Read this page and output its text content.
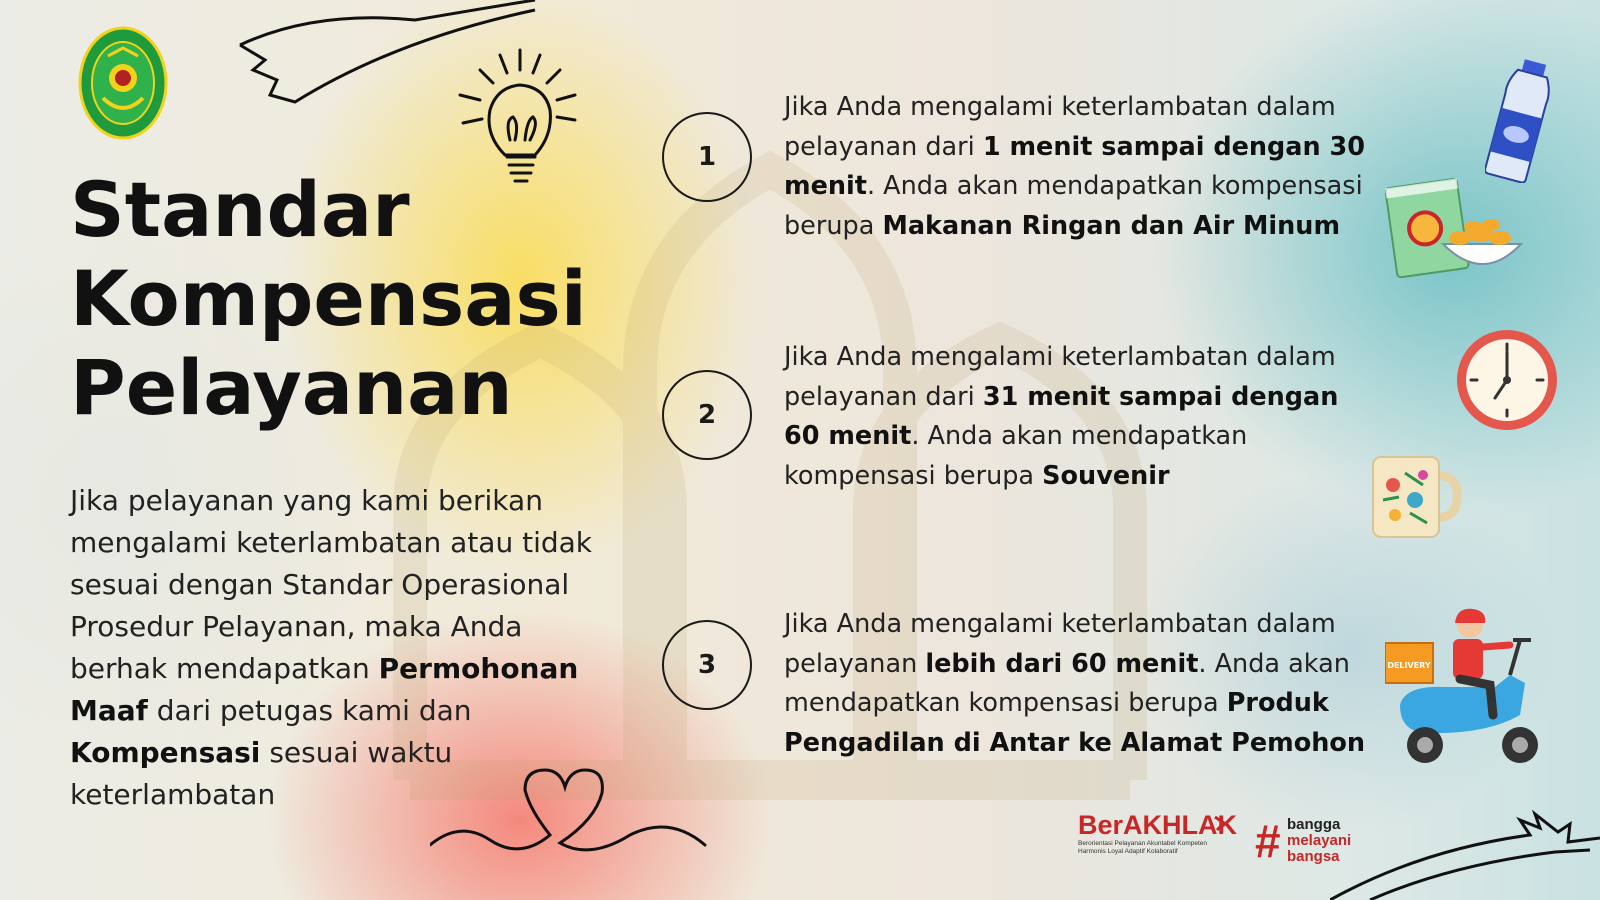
Standar
Kompensasi
Pelayanan

Jika pelayanan yang kami berikan mengalami keterlambatan atau tidak sesuai dengan Standar Operasional Prosedur Pelayanan, maka Anda berhak mendapatkan Permohonan Maaf dari petugas kami dan Kompensasi sesuai waktu keterlambatan

1
2
3

Jika Anda mengalami keterlambatan dalam pelayanan dari 1 menit sampai dengan 30 menit. Anda akan mendapatkan kompensasi berupa Makanan Ringan dan Air Minum

Jika Anda mengalami keterlambatan dalam pelayanan dari 31 menit sampai dengan 60 menit. Anda akan mendapatkan kompensasi berupa Souvenir

Jika Anda mengalami keterlambatan dalam pelayanan lebih dari 60 menit. Anda akan mendapatkan kompensasi berupa Produk Pengadilan di Antar ke Alamat Pemohon

DELIVERY
BerAKHLAK
Berorientasi Pelayanan Akuntabel Kompeten
Harmonis Loyal Adaptif Kolaboratif	# bangga
melayani
bangsa
